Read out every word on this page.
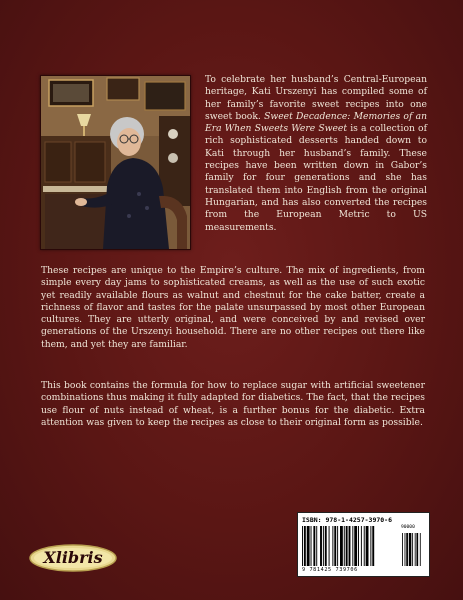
To celebrate her husband’s Central-European heritage, Kati Urszenyi has compiled some of her family’s favorite sweet recipes into one sweet book. Sweet Decadence: Memories of an Era When Sweets Were Sweet is a collection of rich sophisticated desserts handed down to Kati through her husband’s family. These recipes have been written down in Gabor’s family for four generations and she has translated them into English from the original Hungarian, and has also converted the recipes from the European Metric to US measurements.

These recipes are unique to the Empire’s culture. The mix of ingredients, from simple every day jams to sophisticated creams, as well as the use of such exotic yet readily available flours as walnut and chestnut for the cake batter, create a richness of flavor and tastes for the palate unsurpassed by most other European cultures. They are utterly original, and were conceived by and revised over generations of the Urszenyi household. There are no other recipes out there like them, and yet they are familiar.

This book contains the formula for how to replace sugar with artificial sweetener combinations thus making it fully adapted for diabetics. The fact, that the recipes use flour of nuts instead of wheat, is a further bonus for the diabetic. Extra attention was given to keep the recipes as close to their original form as possible.

ISBN: 978-1-4257-3970-6
90000
9 781425 739706
Xlibris
